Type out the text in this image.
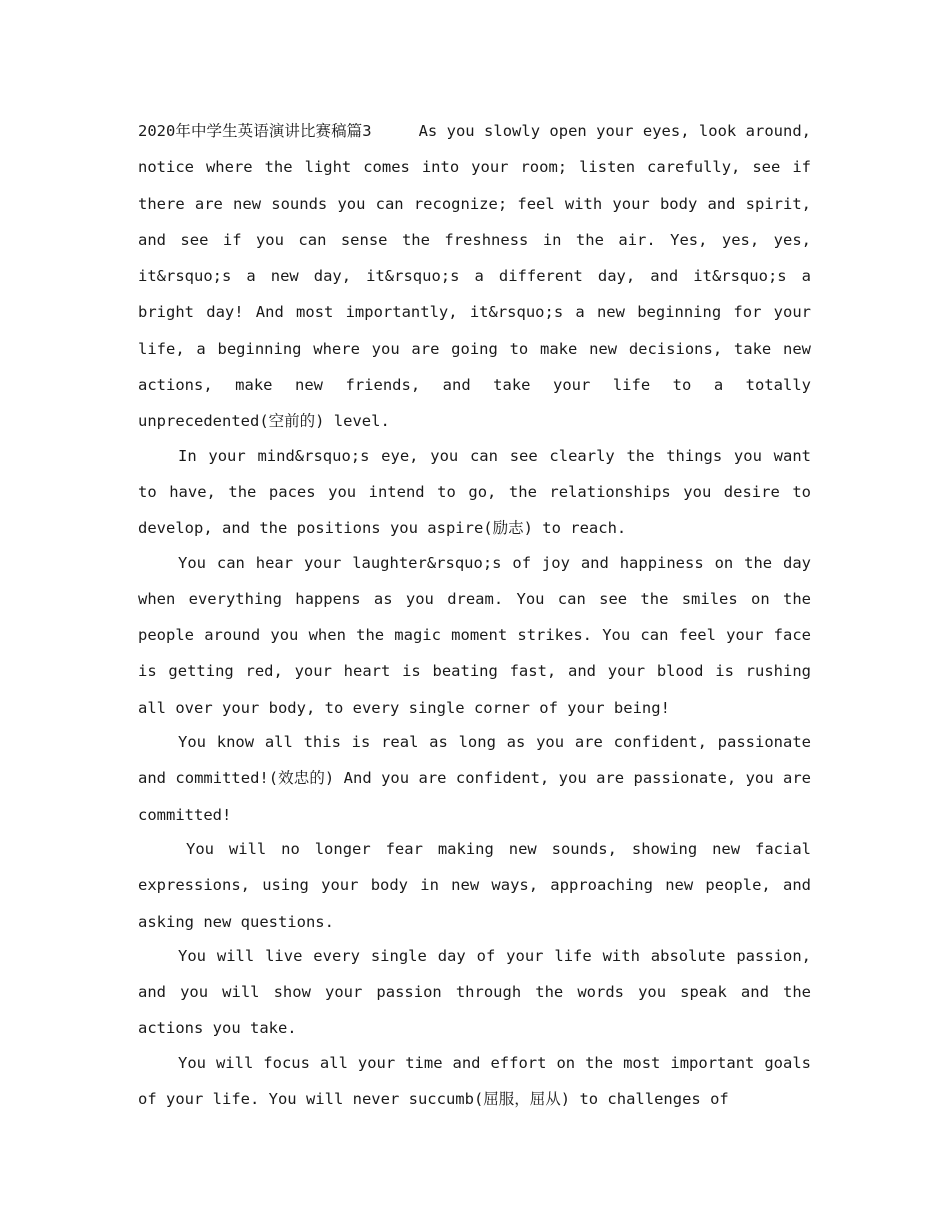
2020年中学生英语演讲比赛稿篇3     As you slowly open your eyes, look around, notice where the light comes into your room; listen carefully, see if there are new sounds you can recognize; feel with your body and spirit, and see if you can sense the freshness in the air. Yes, yes, yes, it&rsquo;s a new day, it&rsquo;s a different day, and it&rsquo;s a bright day! And most importantly, it&rsquo;s a new beginning for your life, a beginning where you are going to make new decisions, take new actions, make new friends, and take your life to a totally unprecedented(空前的) level.

In your mind&rsquo;s eye, you can see clearly the things you want to have, the paces you intend to go, the relationships you desire to develop, and the positions you aspire(励志) to reach.

You can hear your laughter&rsquo;s of joy and happiness on the day when everything happens as you dream. You can see the smiles on the people around you when the magic moment strikes. You can feel your face is getting red, your heart is beating fast, and your blood is rushing all over your body, to every single corner of your being!

You know all this is real as long as you are confident, passionate and committed!(效忠的) And you are confident, you are passionate, you are committed!

You will no longer fear making new sounds, showing new facial expressions, using your body in new ways, approaching new people, and asking new questions.

You will live every single day of your life with absolute passion, and you will show your passion through the words you speak and the actions you take.

You will focus all your time and effort on the most important goals of your life. You will never succumb(屈服，屈从) to challenges of
